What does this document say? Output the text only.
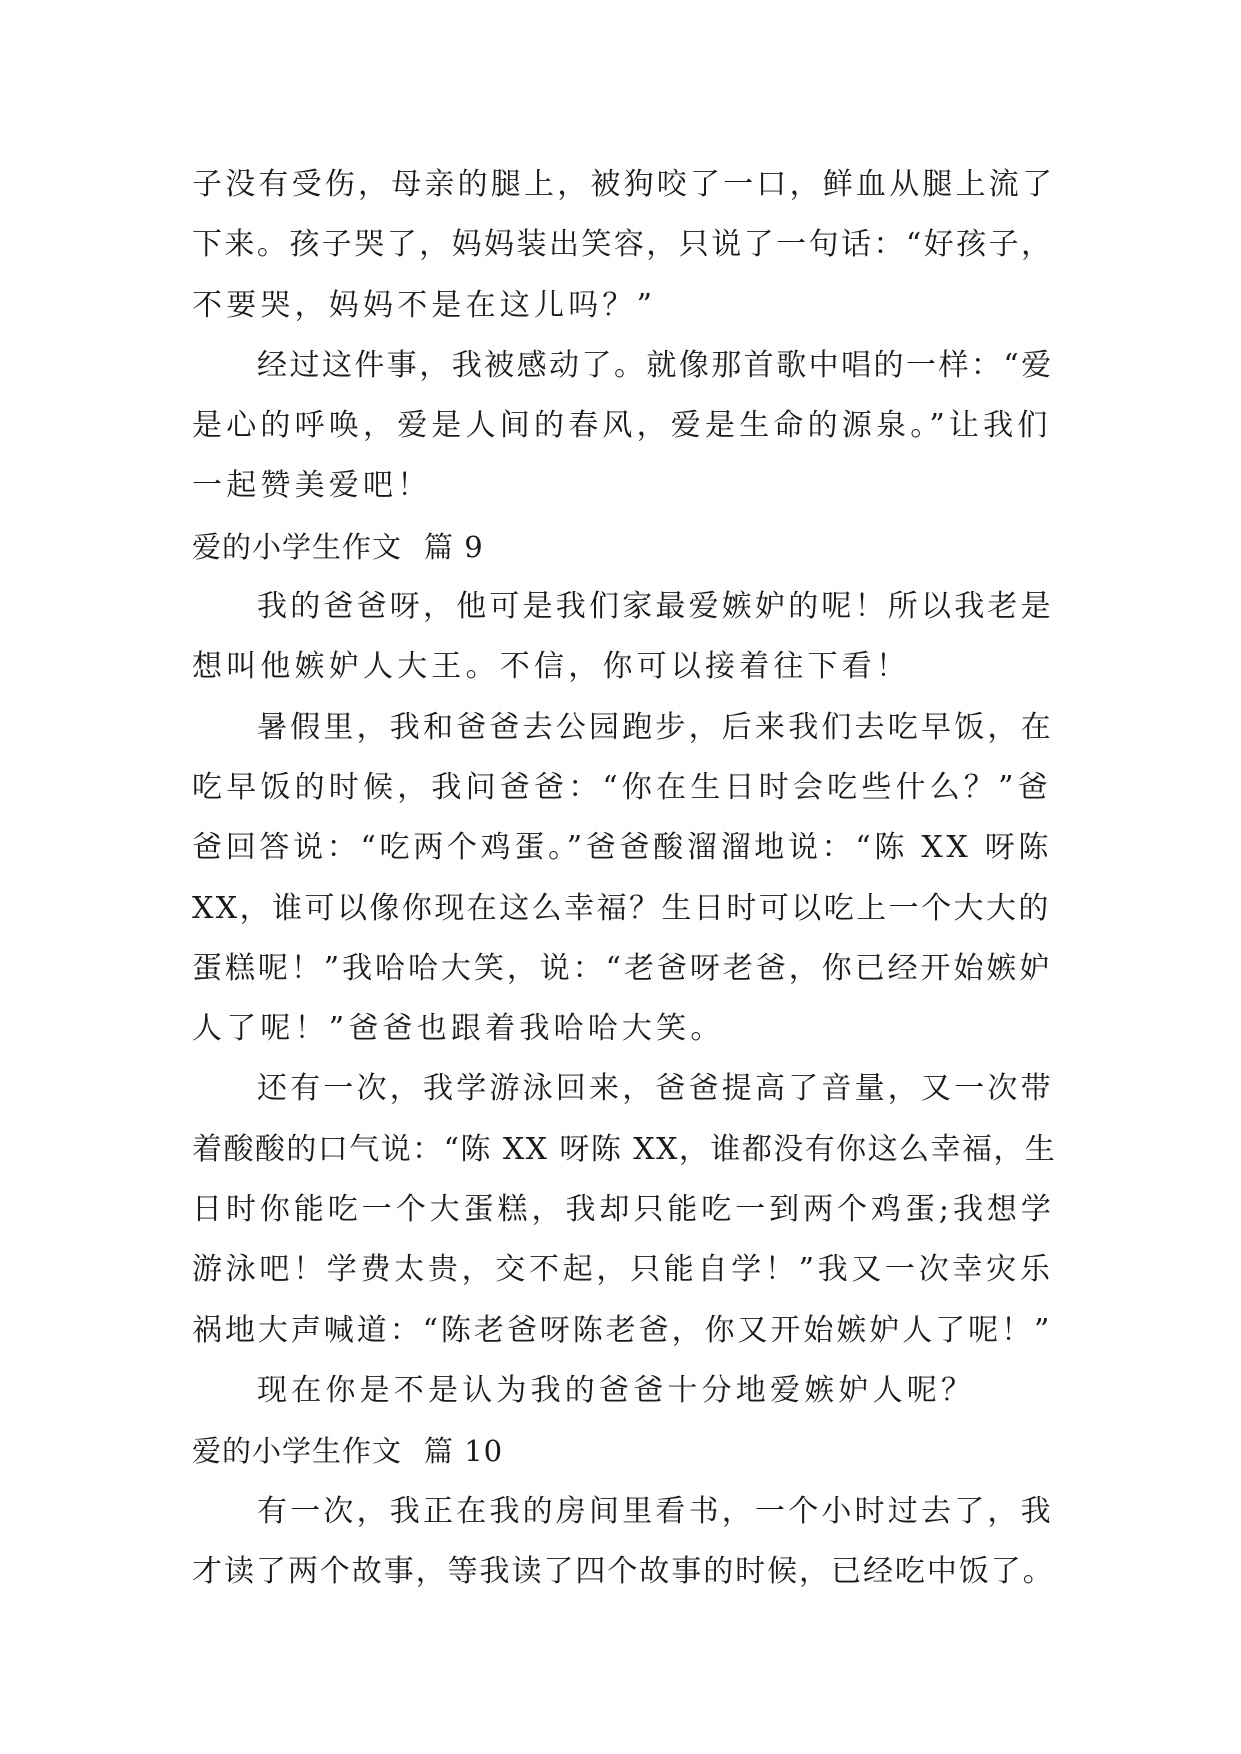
子没有受伤，母亲的腿上，被狗咬了一口，鲜血从腿上流了
下来。孩子哭了，妈妈装出笑容，只说了一句话：“好孩子，
不要哭，妈妈不是在这儿吗？”
经过这件事，我被感动了。就像那首歌中唱的一样：“爱
是心的呼唤，爱是人间的春风，爱是生命的源泉。”让我们
一起赞美爱吧！
爱的小学生作文 篇 9
我的爸爸呀，他可是我们家最爱嫉妒的呢！所以我老是
想叫他嫉妒人大王。不信，你可以接着往下看！
暑假里，我和爸爸去公园跑步，后来我们去吃早饭，在
吃早饭的时候，我问爸爸：“你在生日时会吃些什么？”爸
爸回答说：“吃两个鸡蛋。”爸爸酸溜溜地说：“陈 XX 呀陈
XX，谁可以像你现在这么幸福？生日时可以吃上一个大大的
蛋糕呢！”我哈哈大笑，说：“老爸呀老爸，你已经开始嫉妒
人了呢！”爸爸也跟着我哈哈大笑。
还有一次，我学游泳回来，爸爸提高了音量，又一次带
着酸酸的口气说：“陈 XX 呀陈 XX，谁都没有你这么幸福，生
日时你能吃一个大蛋糕，我却只能吃一到两个鸡蛋;我想学
游泳吧！学费太贵，交不起，只能自学！”我又一次幸灾乐
祸地大声喊道：“陈老爸呀陈老爸，你又开始嫉妒人了呢！”
现在你是不是认为我的爸爸十分地爱嫉妒人呢？
爱的小学生作文 篇 10
有一次，我正在我的房间里看书，一个小时过去了，我
才读了两个故事，等我读了四个故事的时候，已经吃中饭了。
